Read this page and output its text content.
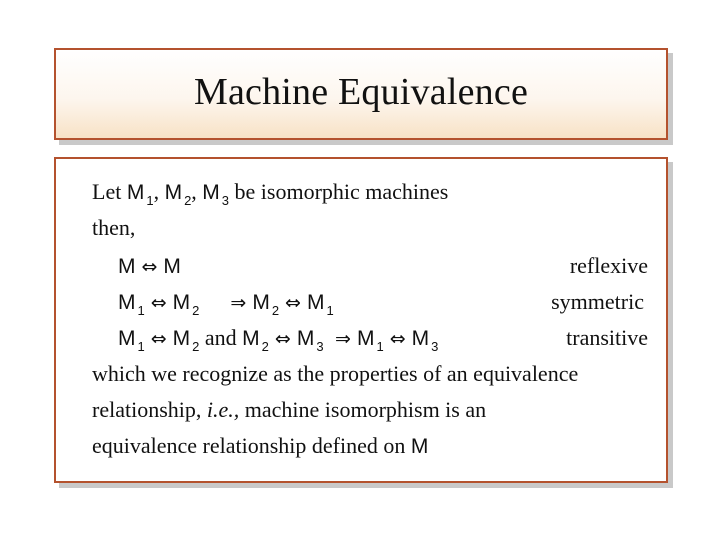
Machine Equivalence
Let M $_1$, M $_2$, M $_3$ be isomorphic machines
then,
M ⇔ M	reflexive
M $_1$ ⇔ M $_2$ ⇒ M $_2$ ⇔ M $_1$	symmetric
M $_1$ ⇔ M $_2$ and M $_2$ ⇔ M $_3$ ⇒ M $_1$ ⇔ M $_3$	transitive
which we recognize as the properties of an equivalence
relationship, i.e., machine isomorphism is an
equivalence relationship defined on M
